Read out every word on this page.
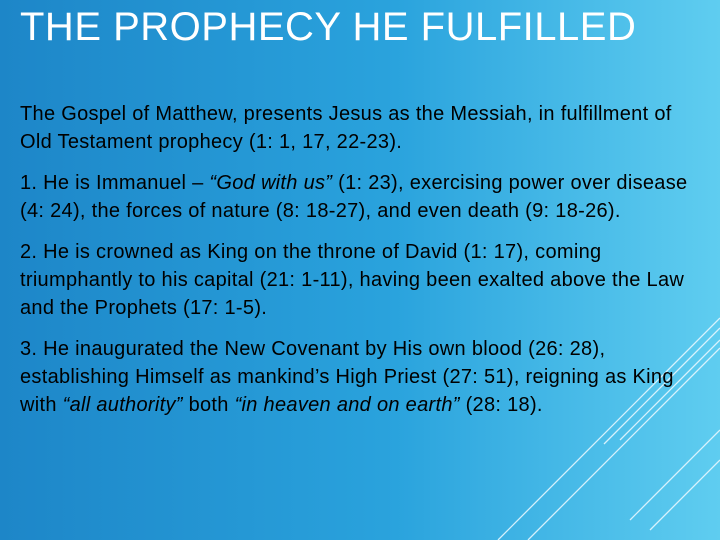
THE PROPHECY HE FULFILLED

The Gospel of Matthew, presents Jesus as the Messiah, in fulfillment of Old Testament prophecy (1: 1, 17, 22-23).

1. He is Immanuel – “God with us” (1: 23), exercising power over disease (4: 24), the forces of nature (8: 18-27), and even death (9: 18-26).

2. He is crowned as King on the throne of David (1: 17), coming triumphantly to his capital (21: 1-11), having been exalted above the Law and the Prophets (17: 1-5).

3. He inaugurated the New Covenant by His own blood (26: 28), establishing Himself as mankind’s High Priest (27: 51), reigning as King with “all authority” both “in heaven and on earth” (28: 18).
